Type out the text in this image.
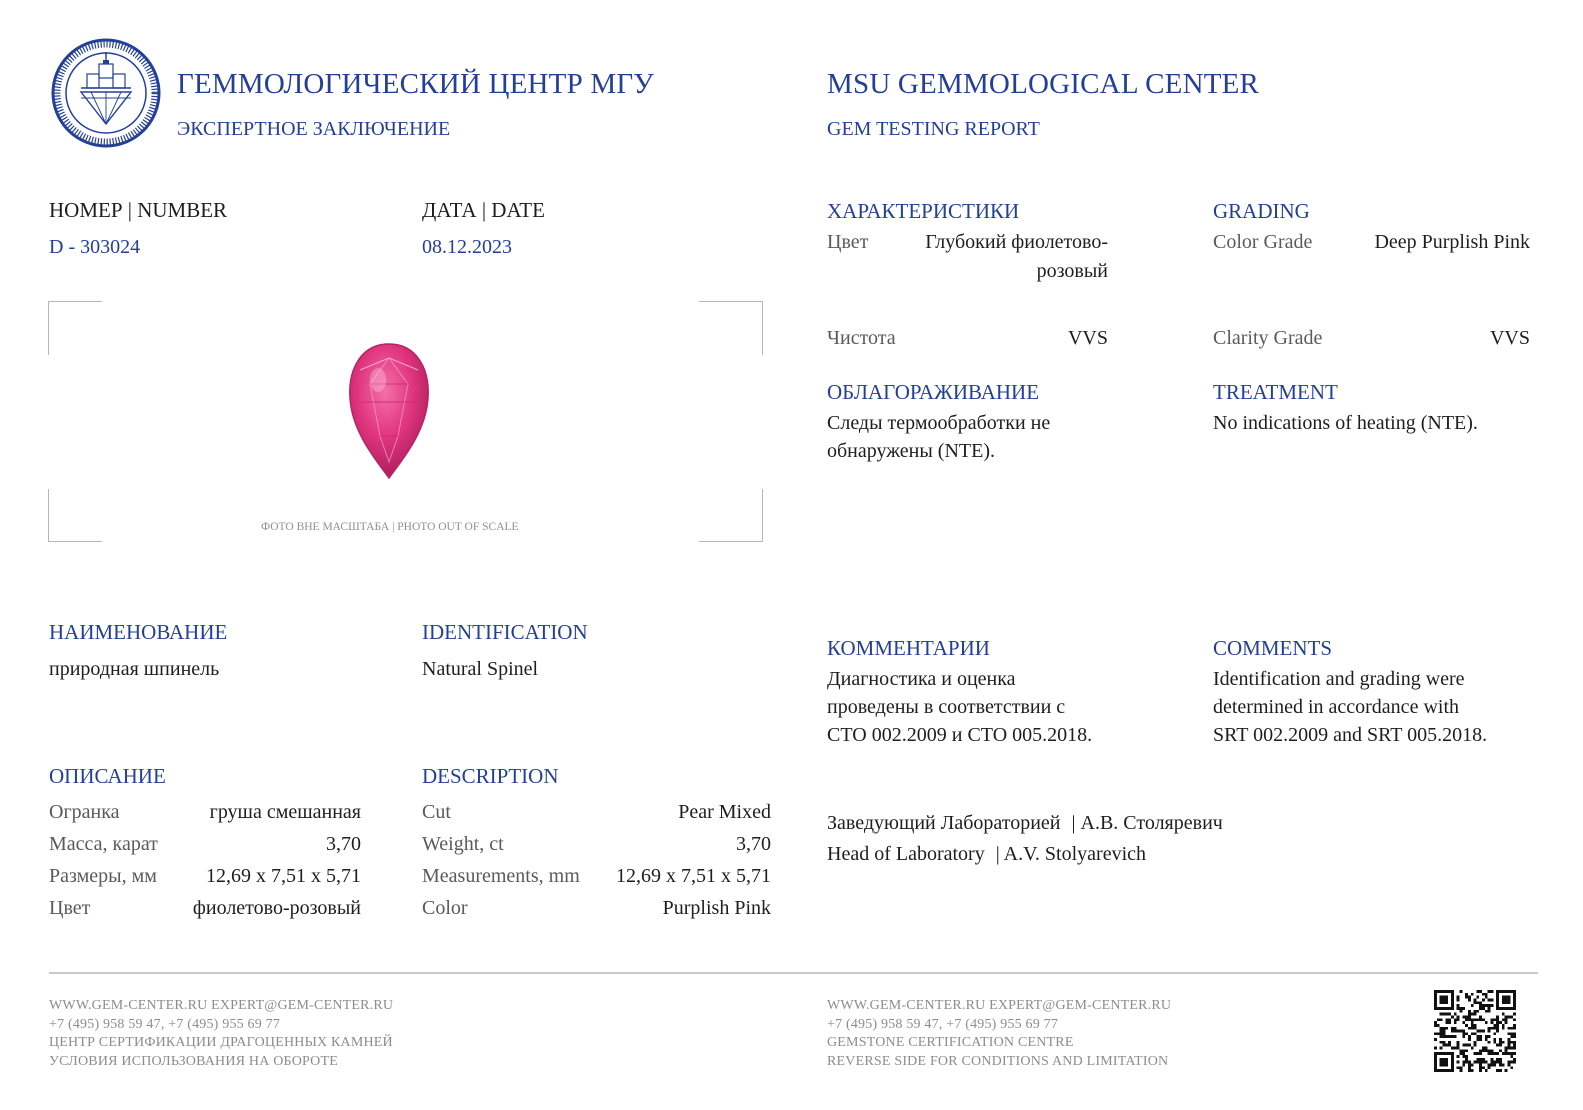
ГЕММОЛОГИЧЕСКИЙ ЦЕНТР МГУ
ЭКСПЕРТНОЕ ЗАКЛЮЧЕНИЕ
MSU GEMMOLOGICAL CENTER
GEM TESTING REPORT
НОМЕР | NUMBER
D - 303024
ДАТА | DATE
08.12.2023
ФОТО ВНЕ МАСШТАБА | PHOTO OUT OF SCALE
ХАРАКТЕРИСТИКИ	GRADING
Цвет	Глубокий фиолетово-
розовый
Color Grade	Deep Purplish Pink
Чистота	VVS	Clarity Grade	VVS
ОБЛАГОРАЖИВАНИЕ	TREATMENT
Следы термообработки не
обнаружены (NTE).
No indications of heating (NTE).
НАИМЕНОВАНИЕ
природная шпинель
IDENTIFICATION
Natural Spinel
ОПИСАНИЕ	DESCRIPTION
Огранка	груша смешанная
Масса, карат	3,70
Размеры, мм	12,69 x 7,51 x 5,71
Цвет	фиолетово-розовый
Cut	Pear Mixed
Weight, ct	3,70
Measurements, mm	12,69 x 7,51 x 5,71
Color	Purplish Pink
КОММЕНТАРИИ	COMMENTS
Диагностика и оценка
проведены в соответствии с
СТО 002.2009 и СТО 005.2018.
Identification and grading were
determined in accordance with
SRT 002.2009 and SRT 005.2018.
Заведующий Лабораторией | А.В. Столяревич
Head of Laboratory | A.V. Stolyarevich
WWW.GEM-CENTER.RU EXPERT@GEM-CENTER.RU
+7 (495) 958 59 47, +7 (495) 955 69 77
ЦЕНТР СЕРТИФИКАЦИИ ДРАГОЦЕННЫХ КАМНЕЙ
УСЛОВИЯ ИСПОЛЬЗОВАНИЯ НА ОБОРОТЕ
WWW.GEM-CENTER.RU EXPERT@GEM-CENTER.RU
+7 (495) 958 59 47, +7 (495) 955 69 77
GEMSTONE CERTIFICATION CENTRE
REVERSE SIDE FOR CONDITIONS AND LIMITATION
